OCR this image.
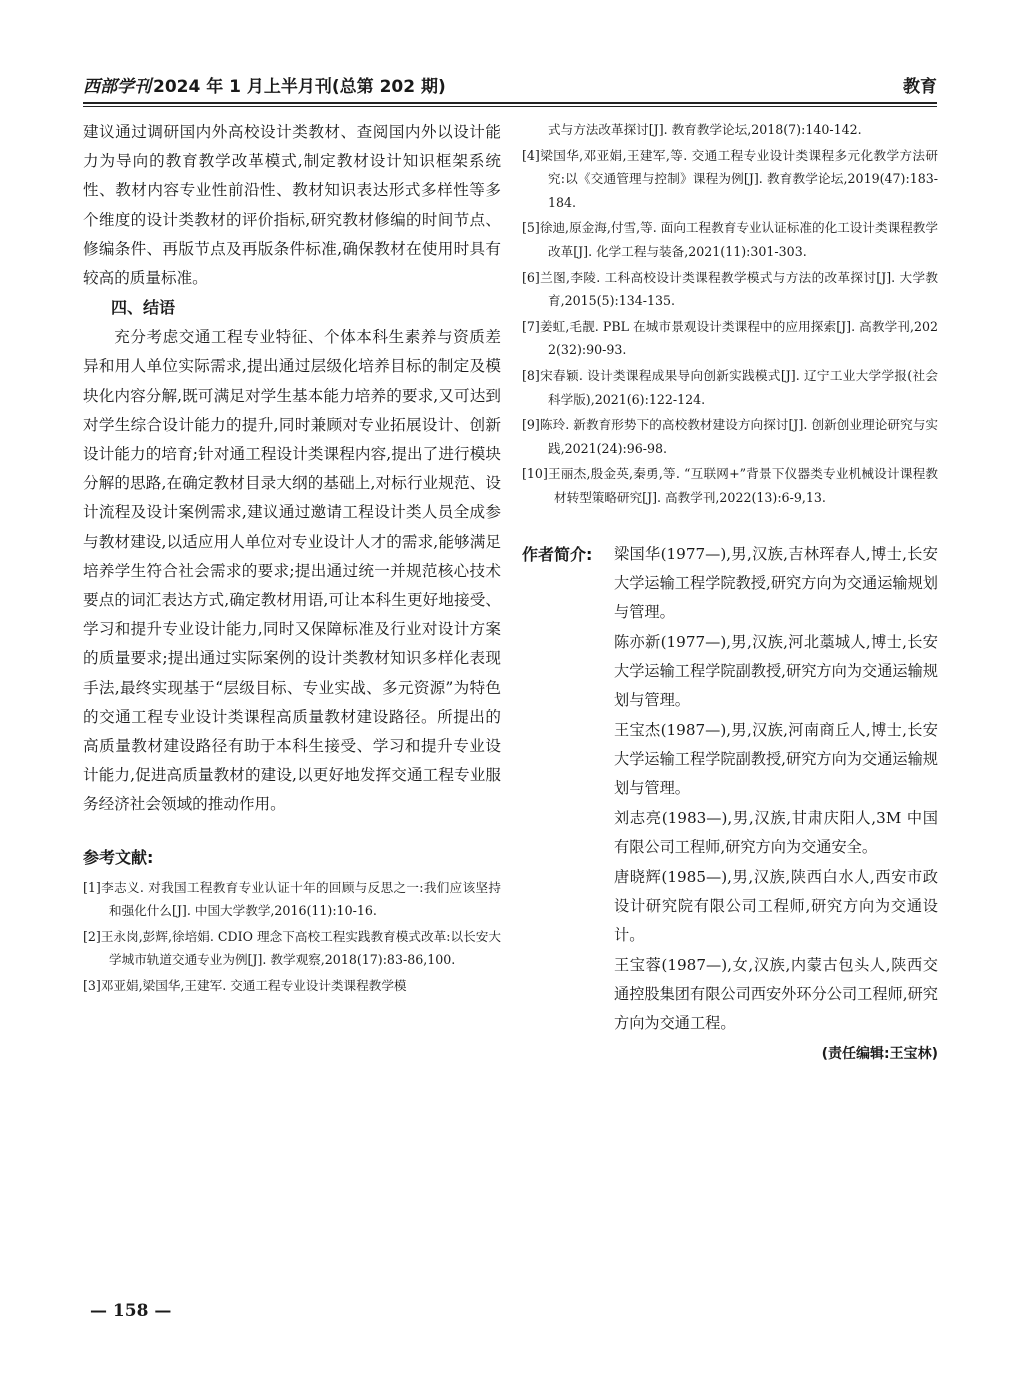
西部学刊 2024 年 1 月上半月刊(总第 202 期)	教育

建议通过调研国内外高校设计类教材、查阅国内外以设计能力为导向的教育教学改革模式,制定教材设计知识框架系统性、教材内容专业性前沿性、教材知识表达形式多样性等多个维度的设计类教材的评价指标,研究教材修编的时间节点、修编条件、再版节点及再版条件标准,确保教材在使用时具有较高的质量标准。

四、结语

充分考虑交通工程专业特征、个体本科生素养与资质差异和用人单位实际需求,提出通过层级化培养目标的制定及模块化内容分解,既可满足对学生基本能力培养的要求,又可达到对学生综合设计能力的提升,同时兼顾对专业拓展设计、创新设计能力的培育;针对通工程设计类课程内容,提出了进行模块分解的思路,在确定教材目录大纲的基础上,对标行业规范、设计流程及设计案例需求,建议通过邀请工程设计类人员全成参与教材建设,以适应用人单位对专业设计人才的需求,能够满足培养学生符合社会需求的要求;提出通过统一并规范核心技术要点的词汇表达方式,确定教材用语,可让本科生更好地接受、学习和提升专业设计能力,同时又保障标准及行业对设计方案的质量要求;提出通过实际案例的设计类教材知识多样化表现手法,最终实现基于“层级目标、专业实战、多元资源”为特色的交通工程专业设计类课程高质量教材建设路径。所提出的高质量教材建设路径有助于本科生接受、学习和提升专业设计能力,促进高质量教材的建设,以更好地发挥交通工程专业服务经济社会领域的推动作用。

参考文献:
[1]李志义. 对我国工程教育专业认证十年的回顾与反思之一:我们应该坚持和强化什么[J]. 中国大学教学,2016(11):10-16.
[2]王永岗,彭辉,徐培娟. CDIO 理念下高校工程实践教育模式改革:以长安大学城市轨道交通专业为例[J]. 教学观察,2018(17):83-86,100.
[3]邓亚娟,梁国华,王建军. 交通工程专业设计类课程教学模
式与方法改革探讨[J]. 教育教学论坛,2018(7):140-142.
[4]梁国华,邓亚娟,王建军,等. 交通工程专业设计类课程多元化教学方法研究:以《交通管理与控制》课程为例[J]. 教育教学论坛,2019(47):183-184.
[5]徐迪,原金海,付雪,等. 面向工程教育专业认证标准的化工设计类课程教学改革[J]. 化学工程与装备,2021(11):301-303.
[6]兰图,李陵. 工科高校设计类课程教学模式与方法的改革探讨[J]. 大学教育,2015(5):134-135.
[7]姜虹,毛靓. PBL 在城市景观设计类课程中的应用探索[J]. 高教学刊,2022(32):90-93.
[8]宋春颖. 设计类课程成果导向创新实践模式[J]. 辽宁工业大学学报(社会科学版),2021(6):122-124.
[9]陈玲. 新教育形势下的高校教材建设方向探讨[J]. 创新创业理论研究与实践,2021(24):96-98.
[10]王丽杰,殷金英,秦勇,等. “互联网+”背景下仪器类专业机械设计课程教材转型策略研究[J]. 高教学刊,2022(13):6-9,13.
作者简介:	梁国华(1977—),男,汉族,吉林珲春人,博士,长安大学运输工程学院教授,研究方向为交通运输规划与管理。
陈亦新(1977—),男,汉族,河北藁城人,博士,长安大学运输工程学院副教授,研究方向为交通运输规划与管理。
王宝杰(1987—),男,汉族,河南商丘人,博士,长安大学运输工程学院副教授,研究方向为交通运输规划与管理。
刘志亮(1983—),男,汉族,甘肃庆阳人,3M 中国有限公司工程师,研究方向为交通安全。
唐晓辉(1985—),男,汉族,陕西白水人,西安市政设计研究院有限公司工程师,研究方向为交通设计。
王宝蓉(1987—),女,汉族,内蒙古包头人,陕西交通控股集团有限公司西安外环分公司工程师,研究方向为交通工程。
(责任编辑:王宝林)
— 158 —
